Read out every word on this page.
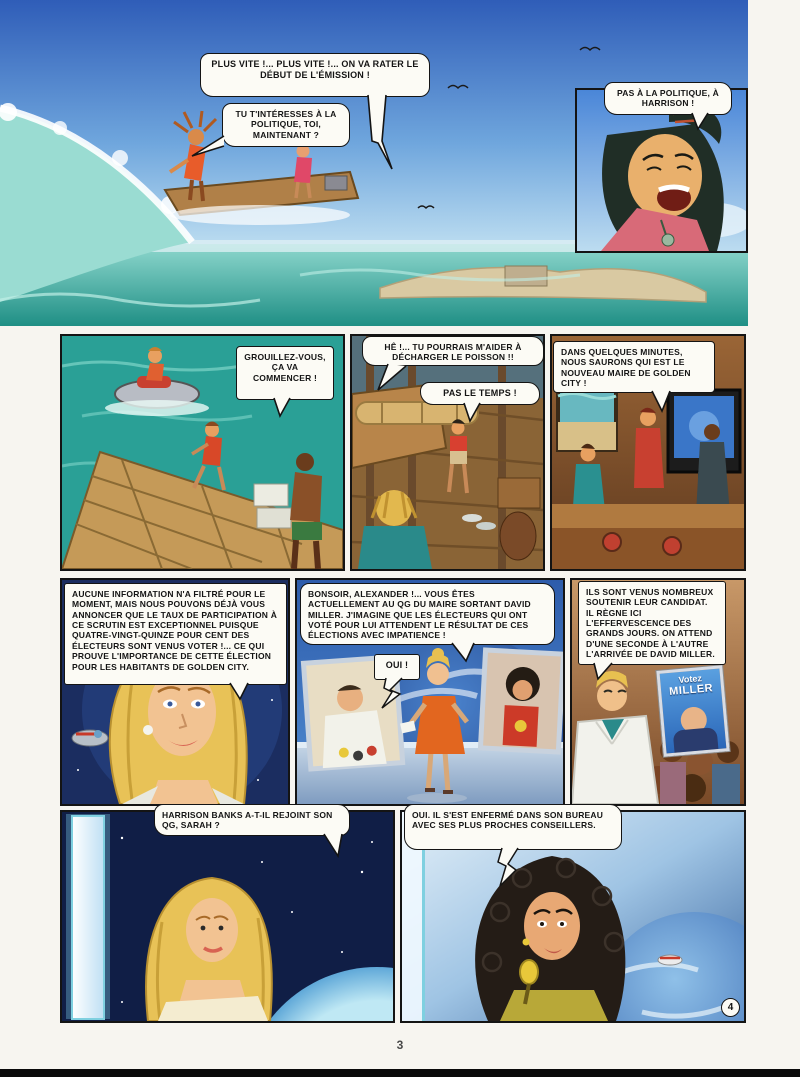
PLUS VITE !... PLUS VITE !... ON VA RATER LE DÉBUT DE L'ÉMISSION !
TU T'INTÉRESSES À LA POLITIQUE, TOI, MAINTENANT ?
PAS À LA POLITIQUE, À HARRISON !
GROUILLEZ-VOUS, ÇA VA COMMENCER !
HÊ !... TU POURRAIS M'AIDER À DÉCHARGER LE POISSON !!
PAS LE TEMPS !
DANS QUELQUES MINUTES, NOUS SAURONS QUI EST LE NOUVEAU MAIRE DE GOLDEN CITY !
AUCUNE INFORMATION N'A FILTRÉ POUR LE MOMENT, MAIS NOUS POUVONS DÉJÀ VOUS ANNONCER QUE LE TAUX DE PARTICIPATION À CE SCRUTIN EST EXCEPTIONNEL PUISQUE QUATRE-VINGT-QUINZE POUR CENT DES ÉLECTEURS SONT VENUS VOTER !... CE QUI PROUVE L'IMPORTANCE DE CETTE ÉLECTION POUR LES HABITANTS DE GOLDEN CITY.
BONSOIR, ALEXANDER !... VOUS ÊTES ACTUELLEMENT AU QG DU MAIRE SORTANT DAVID MILLER. J'IMAGINE QUE LES ÉLECTEURS QUI ONT VOTÉ POUR LUI ATTENDENT LE RÉSULTAT DE CES ÉLECTIONS AVEC IMPATIENCE !
OUI !
Votez
MILLER
ILS SONT VENUS NOMBREUX SOUTENIR LEUR CANDIDAT. IL RÈGNE ICI L'EFFERVESCENCE DES GRANDS JOURS. ON ATTEND D'UNE SECONDE À L'AUTRE L'ARRIVÉE DE DAVID MILLER.
HARRISON BANKS A-T-IL REJOINT SON QG, SARAH ?
4
OUI. IL S'EST ENFERMÉ DANS SON BUREAU AVEC SES PLUS PROCHES CONSEILLERS.
3
